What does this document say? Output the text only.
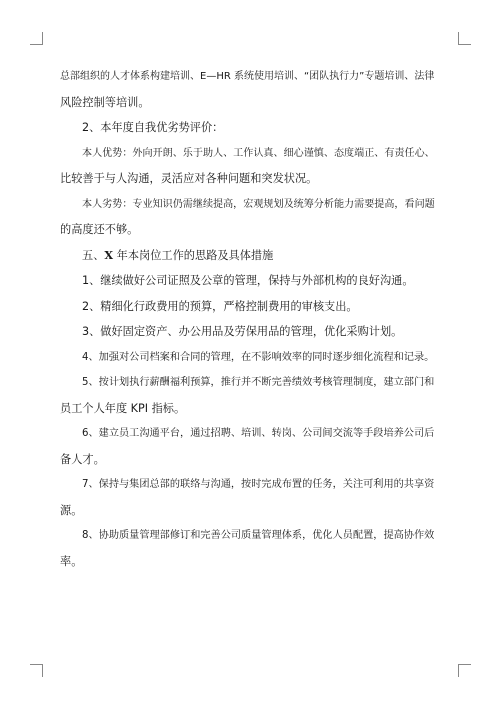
总部组织的人才体系构建培训、E—HR 系统使用培训、“团队执行力”专题培训、法律

风险控制等培训。

2、本年度自我优劣势评价：

本人优势：外向开朗、乐于助人、工作认真、细心谨慎、态度端正、有责任心、

比较善于与人沟通，灵活应对各种问题和突发状况。

本人劣势：专业知识仍需继续提高，宏观规划及统筹分析能力需要提高，看问题

的高度还不够。

五、X 年本岗位工作的思路及具体措施

1、继续做好公司证照及公章的管理，保持与外部机构的良好沟通。

2、精细化行政费用的预算，严格控制费用的审核支出。

3、做好固定资产、办公用品及劳保用品的管理，优化采购计划。

4、加强对公司档案和合同的管理，在不影响效率的同时逐步细化流程和记录。

5、按计划执行薪酬福利预算，推行并不断完善绩效考核管理制度，建立部门和

员工个人年度 KPI 指标。

6、建立员工沟通平台，通过招聘、培训、转岗、公司间交流等手段培养公司后

备人才。

7、保持与集团总部的联络与沟通，按时完成布置的任务，关注可利用的共享资

源。

8、协助质量管理部修订和完善公司质量管理体系，优化人员配置，提高协作效

率。
